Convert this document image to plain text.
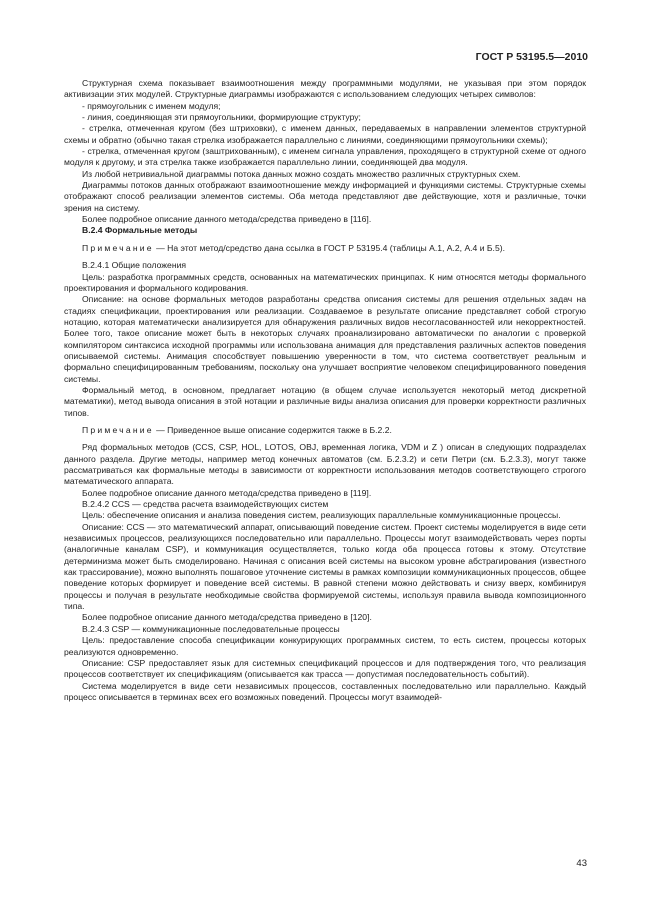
ГОСТ Р 53195.5—2010

Структурная схема показывает взаимоотношения между программными модулями, не указывая при этом порядок активизации этих модулей. Структурные диаграммы изображаются с использованием следующих четырех символов:

- прямоугольник с именем модуля;

- линия, соединяющая эти прямоугольники, формирующие структуру;

- стрелка, отмеченная кругом (без штриховки), с именем данных, передаваемых в направлении элементов структурной схемы и обратно (обычно такая стрелка изображается параллельно с линиями, соединяющими прямоугольники схемы);

- стрелка, отмеченная кругом (заштрихованным), с именем сигнала управления, проходящего в структурной схеме от одного модуля к другому, и эта стрелка также изображается параллельно линии, соединяющей два модуля.

Из любой нетривиальной диаграммы потока данных можно создать множество различных структурных схем.

Диаграммы потоков данных отображают взаимоотношение между информацией и функциями системы. Структурные схемы отображают способ реализации элементов системы. Оба метода представляют две действующие, хотя и различные, точки зрения на систему.

Более подробное описание данного метода/средства приведено в [116].

В.2.4 Формальные методы

Примечание — На этот метод/средство дана ссылка в ГОСТ Р 53195.4 (таблицы А.1, А.2, А.4 и Б.5).

В.2.4.1 Общие положения

Цель: разработка программных средств, основанных на математических принципах. К ним относятся методы формального проектирования и формального кодирования.

Описание: на основе формальных методов разработаны средства описания системы для решения отдельных задач на стадиях спецификации, проектирования или реализации. Создаваемое в результате описание представляет собой строгую нотацию, которая математически анализируется для обнаружения различных видов несогласованностей или некорректностей. Более того, такое описание может быть в некоторых случаях проанализировано автоматически по аналогии с проверкой компилятором синтаксиса исходной программы или использована анимация для представления различных аспектов поведения описываемой системы. Анимация способствует повышению уверенности в том, что система соответствует реальным и формально специфицированным требованиям, поскольку она улучшает восприятие человеком специфицированного поведения системы.

Формальный метод, в основном, предлагает нотацию (в общем случае используется некоторый метод дискретной математики), метод вывода описания в этой нотации и различные виды анализа описания для проверки корректности различных типов.

Примечание — Приведенное выше описание содержится также в Б.2.2.

Ряд формальных методов (CCS, CSP, HOL, LOTOS, OBJ, временная логика, VDM и Z ) описан в следующих подразделах данного раздела. Другие методы, например метод конечных автоматов (см. Б.2.3.2) и сети Петри (см. Б.2.3.3), могут также рассматриваться как формальные методы в зависимости от корректности использования методов соответствующего строгого математического аппарата.

Более подробное описание данного метода/средства приведено в [119].

В.2.4.2 CCS — средства расчета взаимодействующих систем

Цель: обеспечение описания и анализа поведения систем, реализующих параллельные коммуникационные процессы.

Описание: CCS — это математический аппарат, описывающий поведение систем. Проект системы моделируется в виде сети независимых процессов, реализующихся последовательно или параллельно. Процессы могут взаимодействовать через порты (аналогичные каналам CSP), и коммуникация осуществляется, только когда оба процесса готовы к этому. Отсутствие детерминизма может быть смоделировано. Начиная с описания всей системы на высоком уровне абстрагирования (известного как трассирование), можно выполнять пошаговое уточнение системы в рамках композиции коммуникационных процессов, общее поведение которых формирует и поведение всей системы. В равной степени можно действовать и снизу вверх, комбинируя процессы и получая в результате необходимые свойства формируемой системы, используя правила вывода композиционного типа.

Более подробное описание данного метода/средства приведено в [120].

В.2.4.3 CSP — коммуникационные последовательные процессы

Цель: предоставление способа спецификации конкурирующих программных систем, то есть систем, процессы которых реализуются одновременно.

Описание: CSP предоставляет язык для системных спецификаций процессов и для подтверждения того, что реализация процессов соответствует их спецификациям (описывается как трасса — допустимая последовательность событий).

Система моделируется в виде сети независимых процессов, составленных последовательно или параллельно. Каждый процесс описывается в терминах всех его возможных поведений. Процессы могут взаимодей-

43
